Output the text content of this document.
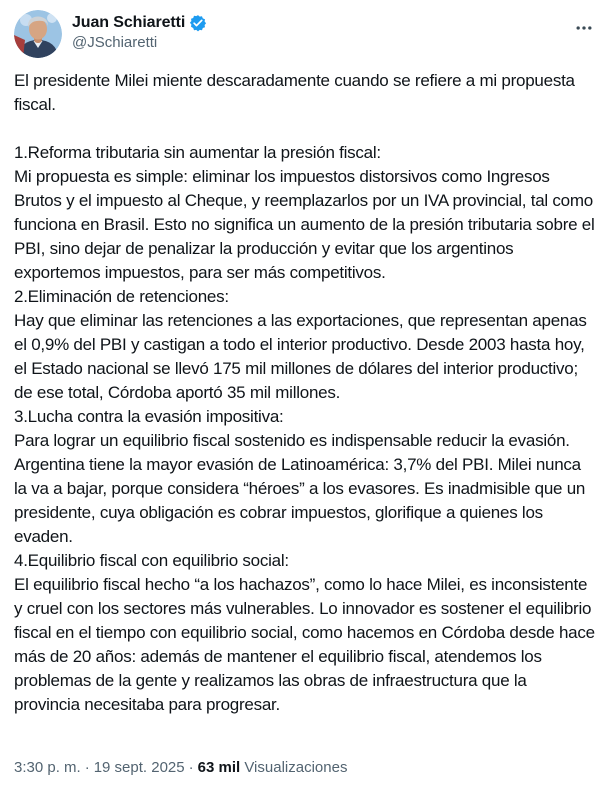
Juan Schiaretti
@JSchiaretti
El presidente Milei miente descaradamente cuando se refiere a mi propuesta fiscal.
1.Reforma tributaria sin aumentar la presión fiscal:
Mi propuesta es simple: eliminar los impuestos distorsivos como Ingresos Brutos y el impuesto al Cheque, y reemplazarlos por un IVA provincial, tal como funciona en Brasil. Esto no significa un aumento de la presión tributaria sobre el PBI, sino dejar de penalizar la producción y evitar que los argentinos exportemos impuestos, para ser más competitivos.
2.Eliminación de retenciones:
Hay que eliminar las retenciones a las exportaciones, que representan apenas el 0,9% del PBI y castigan a todo el interior productivo. Desde 2003 hasta hoy, el Estado nacional se llevó 175 mil millones de dólares del interior productivo; de ese total, Córdoba aportó 35 mil millones.
3.Lucha contra la evasión impositiva:
Para lograr un equilibrio fiscal sostenido es indispensable reducir la evasión. Argentina tiene la mayor evasión de Latinoamérica: 3,7% del PBI. Milei nunca la va a bajar, porque considera “héroes” a los evasores. Es inadmisible que un presidente, cuya obligación es cobrar impuestos, glorifique a quienes los evaden.
4.Equilibrio fiscal con equilibrio social:
El equilibrio fiscal hecho “a los hachazos”, como lo hace Milei, es inconsistente y cruel con los sectores más vulnerables. Lo innovador es sostener el equilibrio fiscal en el tiempo con equilibrio social, como hacemos en Córdoba desde hace más de 20 años: además de mantener el equilibrio fiscal, atendemos los problemas de la gente y realizamos las obras de infraestructura que la provincia necesitaba para progresar.
3:30 p. m. · 19 sept. 2025 · 63 mil Visualizaciones
